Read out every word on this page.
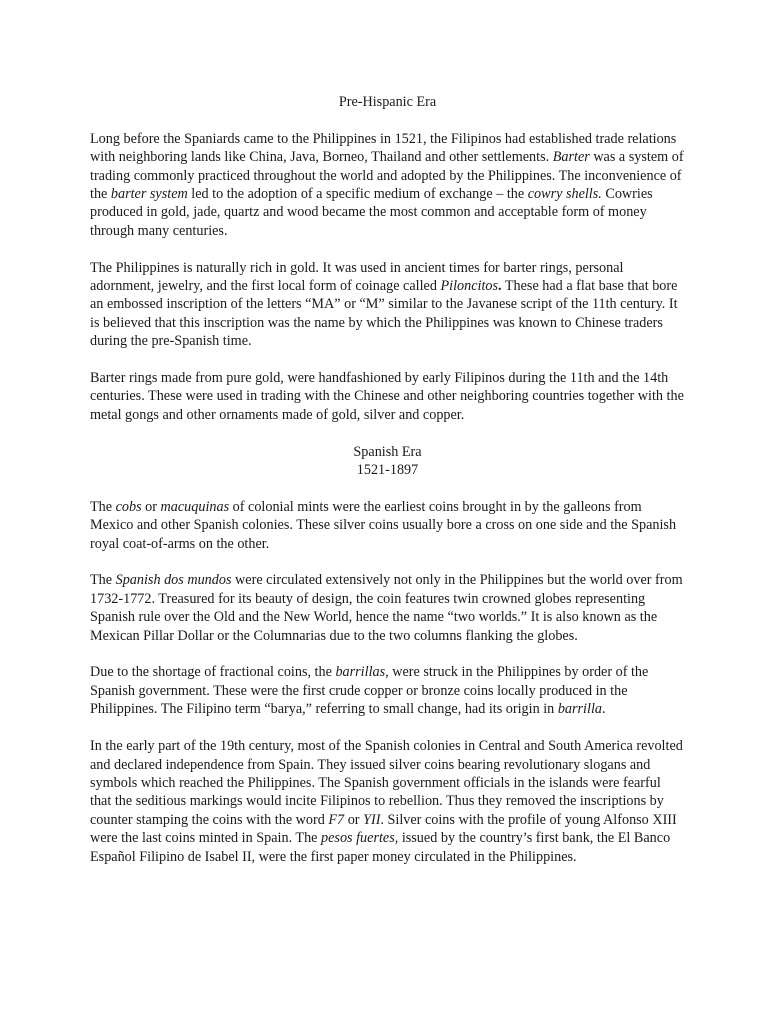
Pre-Hispanic Era

Long before the Spaniards came to the Philippines in 1521, the Filipinos had established trade relations with neighboring lands like China, Java, Borneo, Thailand and other settlements. Barter was a system of trading commonly practiced throughout the world and adopted by the Philippines. The inconvenience of the barter system led to the adoption of a specific medium of exchange – the cowry shells. Cowries produced in gold, jade, quartz and wood became the most common and acceptable form of money through many centuries.

The Philippines is naturally rich in gold. It was used in ancient times for barter rings, personal adornment, jewelry, and the first local form of coinage called Piloncitos. These had a flat base that bore an embossed inscription of the letters “MA” or “M” similar to the Javanese script of the 11th century. It is believed that this inscription was the name by which the Philippines was known to Chinese traders during the pre-Spanish time.

Barter rings made from pure gold, were handfashioned by early Filipinos during the 11th and the 14th centuries. These were used in trading with the Chinese and other neighboring countries together with the metal gongs and other ornaments made of gold, silver and copper.

Spanish Era

1521-1897

The cobs or macuquinas of colonial mints were the earliest coins brought in by the galleons from Mexico and other Spanish colonies. These silver coins usually bore a cross on one side and the Spanish royal coat-of-arms on the other.

The Spanish dos mundos were circulated extensively not only in the Philippines but the world over from 1732-1772. Treasured for its beauty of design, the coin features twin crowned globes representing Spanish rule over the Old and the New World, hence the name “two worlds.” It is also known as the Mexican Pillar Dollar or the Columnarias due to the two columns flanking the globes.

Due to the shortage of fractional coins, the barrillas, were struck in the Philippines by order of the Spanish government. These were the first crude copper or bronze coins locally produced in the Philippines. The Filipino term “barya,” referring to small change, had its origin in barrilla.

In the early part of the 19th century, most of the Spanish colonies in Central and South America revolted and declared independence from Spain. They issued silver coins bearing revolutionary slogans and symbols which reached the Philippines. The Spanish government officials in the islands were fearful that the seditious markings would incite Filipinos to rebellion. Thus they removed the inscriptions by counter stamping the coins with the word F7 or YII. Silver coins with the profile of young Alfonso XIII were the last coins minted in Spain. The pesos fuertes, issued by the country’s first bank, the El Banco Español Filipino de Isabel II, were the first paper money circulated in the Philippines.
